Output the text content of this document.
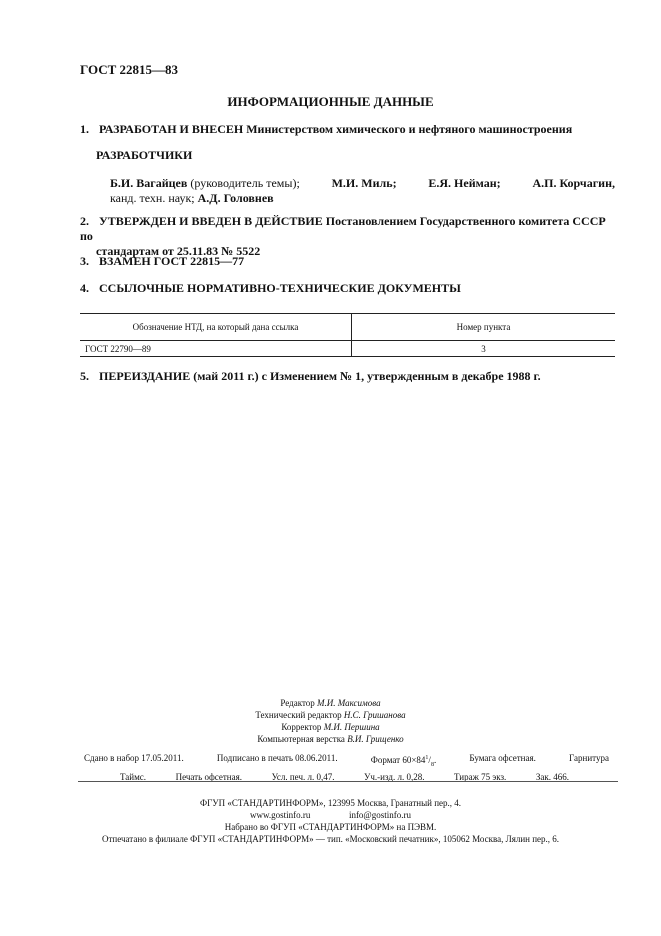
ГОСТ 22815—83
ИНФОРМАЦИОННЫЕ ДАННЫЕ
1. РАЗРАБОТАН И ВНЕСЕН Министерством химического и нефтяного машиностроения
РАЗРАБОТЧИКИ
Б.И. Вагайцев (руководитель темы);	М.И. Миль;	Е.Я. Нейман;	А.П. Корчагин,
канд. техн. наук; А.Д. Головнев
2. УТВЕРЖДЕН И ВВЕДЕН В ДЕЙСТВИЕ Постановлением Государственного комитета СССР по
стандартам от 25.11.83 № 5522
3. ВЗАМЕН ГОСТ 22815—77
4. ССЫЛОЧНЫЕ НОРМАТИВНО-ТЕХНИЧЕСКИЕ ДОКУМЕНТЫ
Обозначение НТД, на который дана ссылка	Номер пункта
ГОСТ 22790—89	3
5. ПЕРЕИЗДАНИЕ (май 2011 г.) с Изменением № 1, утвержденным в декабре 1988 г.
Редактор М.И. Максимова
Технический редактор Н.С. Гришанова
Корректор М.И. Першина
Компьютерная верстка В.И. Грищенко
Сдано в набор 17.05.2011.	Подписано в печать 08.06.2011.	Формат $60\times 84^1/_8$.	Бумага офсетная.	Гарнитура
Таймс.	Печать офсетная.	Усл. печ. л. 0,47.	Уч.-изд. л. 0,28.	Тираж 75 экз.	Зак. 466.
ФГУП «СТАНДАРТИНФОРМ», 123995 Москва, Гранатный пер., 4.
www.gostinfo.ru	info@gostinfo.ru
Набрано во ФГУП «СТАНДАРТИНФОРМ» на ПЭВМ.
Отпечатано в филиале ФГУП «СТАНДАРТИНФОРМ» — тип. «Московский печатник», 105062 Москва, Лялин пер., 6.
